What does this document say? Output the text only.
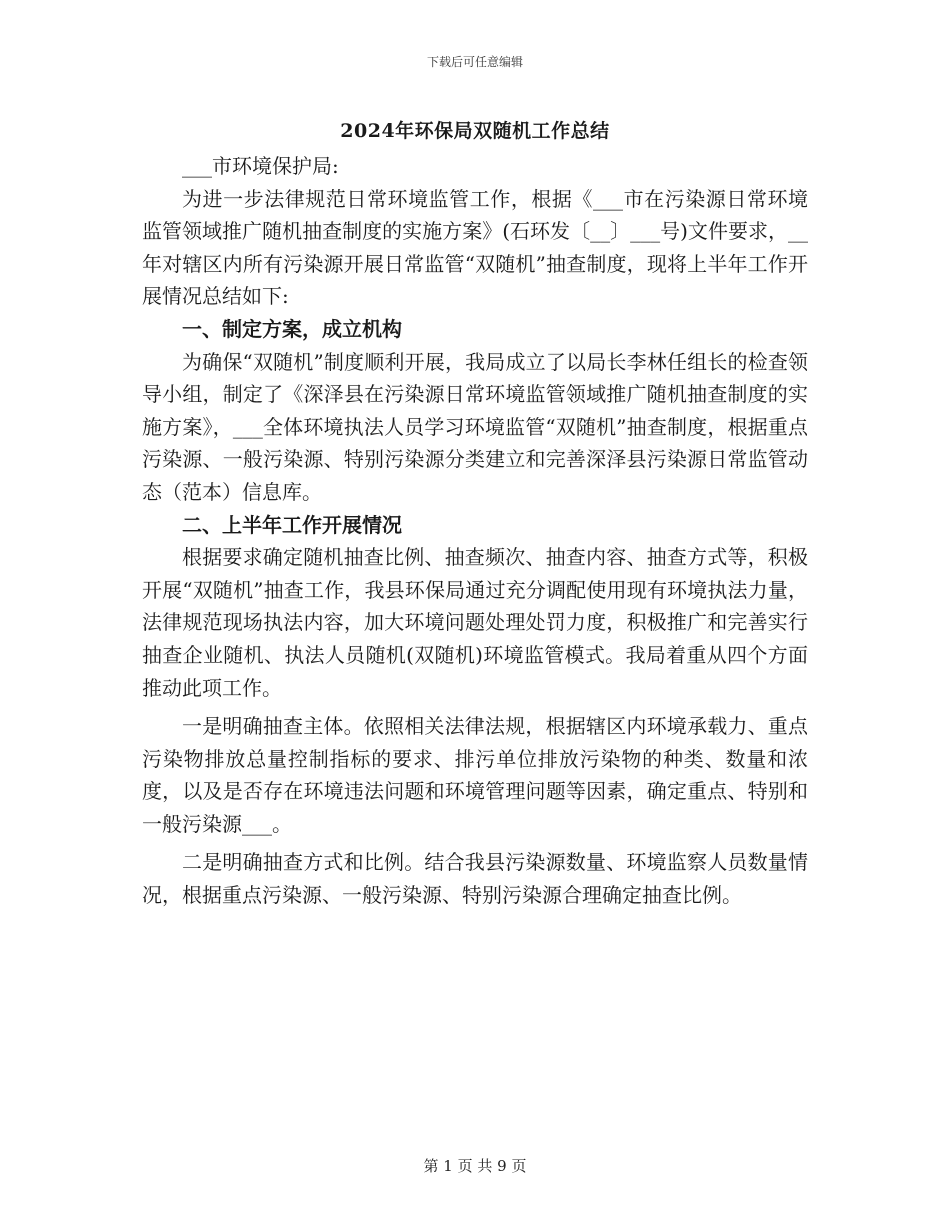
下载后可任意编辑
2024年环保局双随机工作总结

___市环境保护局:

为进一步法律规范日常环境监管工作，根据《___市在污染源日常环境监管领域推广随机抽查制度的实施方案》(石环发〔__〕___号)文件要求，__年对辖区内所有污染源开展日常监管“双随机”抽查制度，现将上半年工作开展情况总结如下:

一、制定方案，成立机构

为确保“双随机”制度顺利开展，我局成立了以局长李林任组长的检查领导小组，制定了《深泽县在污染源日常环境监管领域推广随机抽查制度的实施方案》，___全体环境执法人员学习环境监管“双随机”抽查制度，根据重点污染源、一般污染源、特别污染源分类建立和完善深泽县污染源日常监管动态（范本）信息库。

二、上半年工作开展情况

根据要求确定随机抽查比例、抽查频次、抽查内容、抽查方式等，积极开展“双随机”抽查工作，我县环保局通过充分调配使用现有环境执法力量，法律规范现场执法内容，加大环境问题处理处罚力度，积极推广和完善实行抽查企业随机、执法人员随机(双随机)环境监管模式。我局着重从四个方面推动此项工作。

一是明确抽查主体。依照相关法律法规，根据辖区内环境承载力、重点污染物排放总量控制指标的要求、排污单位排放污染物的种类、数量和浓度，以及是否存在环境违法问题和环境管理问题等因素，确定重点、特别和一般污染源___。

二是明确抽查方式和比例。结合我县污染源数量、环境监察人员数量情况，根据重点污染源、一般污染源、特别污染源合理确定抽查比例。

第 1 页 共 9 页
